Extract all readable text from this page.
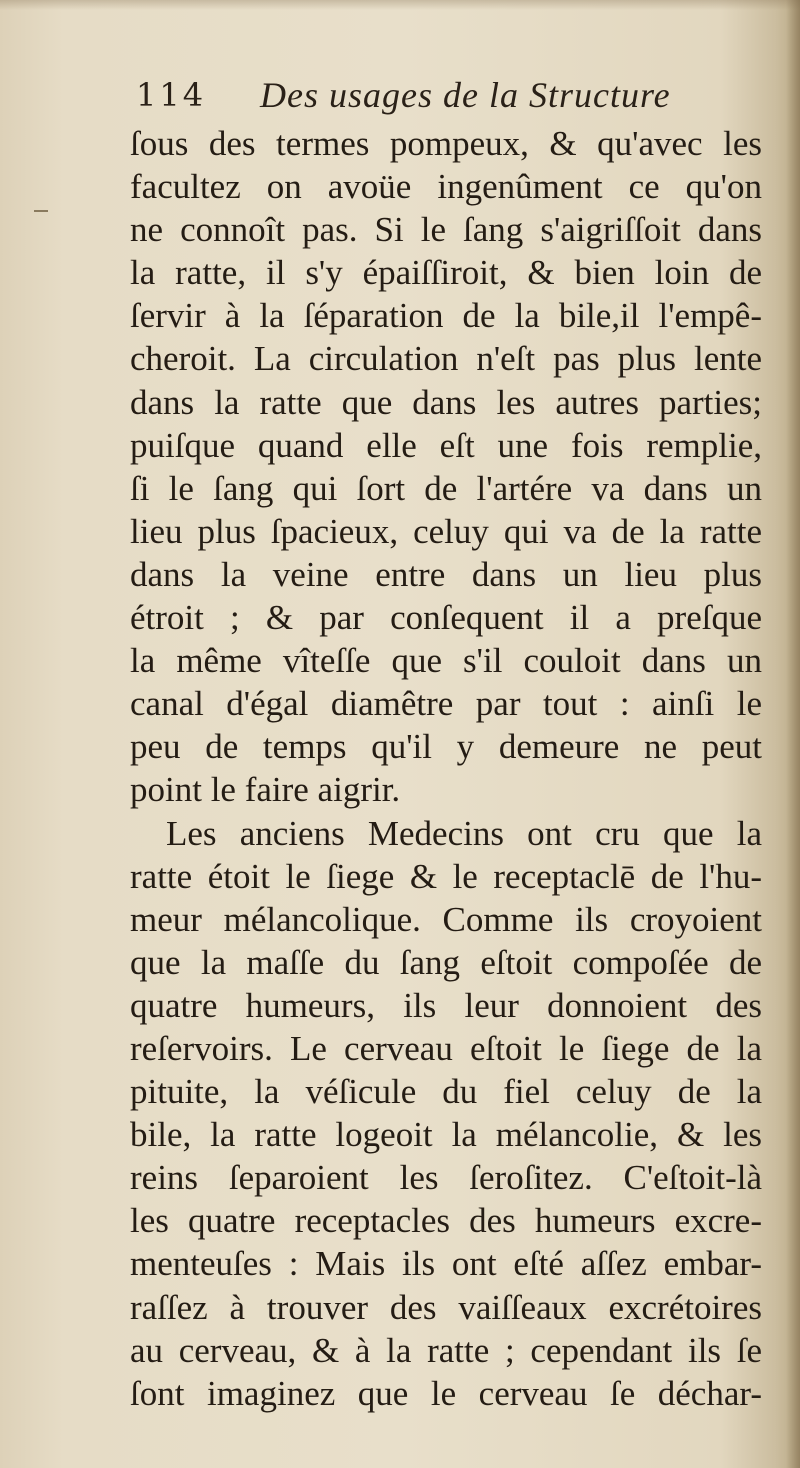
114 Des usages de la Structure
ſous des termes pompeux, & qu'avec les
facultez on avoüe ingenûment ce qu'on
ne connoît pas. Si le ſang s'aigriſſoit dans
la ratte, il s'y épaiſſiroit, & bien loin de
ſervir à la ſéparation de la bile,il l'empê-
cheroit. La circulation n'eſt pas plus lente
dans la ratte que dans les autres parties;
puiſque quand elle eſt une fois remplie,
ſi le ſang qui ſort de l'artére va dans un
lieu plus ſpacieux, celuy qui va de la ratte
dans la veine entre dans un lieu plus
étroit ; & par conſequent il a preſque
la même vîteſſe que s'il couloit dans un
canal d'égal diamêtre par tout : ainſi le
peu de temps qu'il y demeure ne peut
point le faire aigrir.
Les anciens Medecins ont cru que la
ratte étoit le ſiege & le receptaclē de l'hu-
meur mélancolique. Comme ils croyoient
que la maſſe du ſang eſtoit compoſée de
quatre humeurs, ils leur donnoient des
reſervoirs. Le cerveau eſtoit le ſiege de la
pituite, la véſicule du fiel celuy de la
bile, la ratte logeoit la mélancolie, & les
reins ſeparoient les ſeroſitez. C'eſtoit-là
les quatre receptacles des humeurs excre-
menteuſes : Mais ils ont eſté aſſez embar-
raſſez à trouver des vaiſſeaux excrétoires
au cerveau, & à la ratte ; cependant ils ſe
ſont imaginez que le cerveau ſe déchar-
